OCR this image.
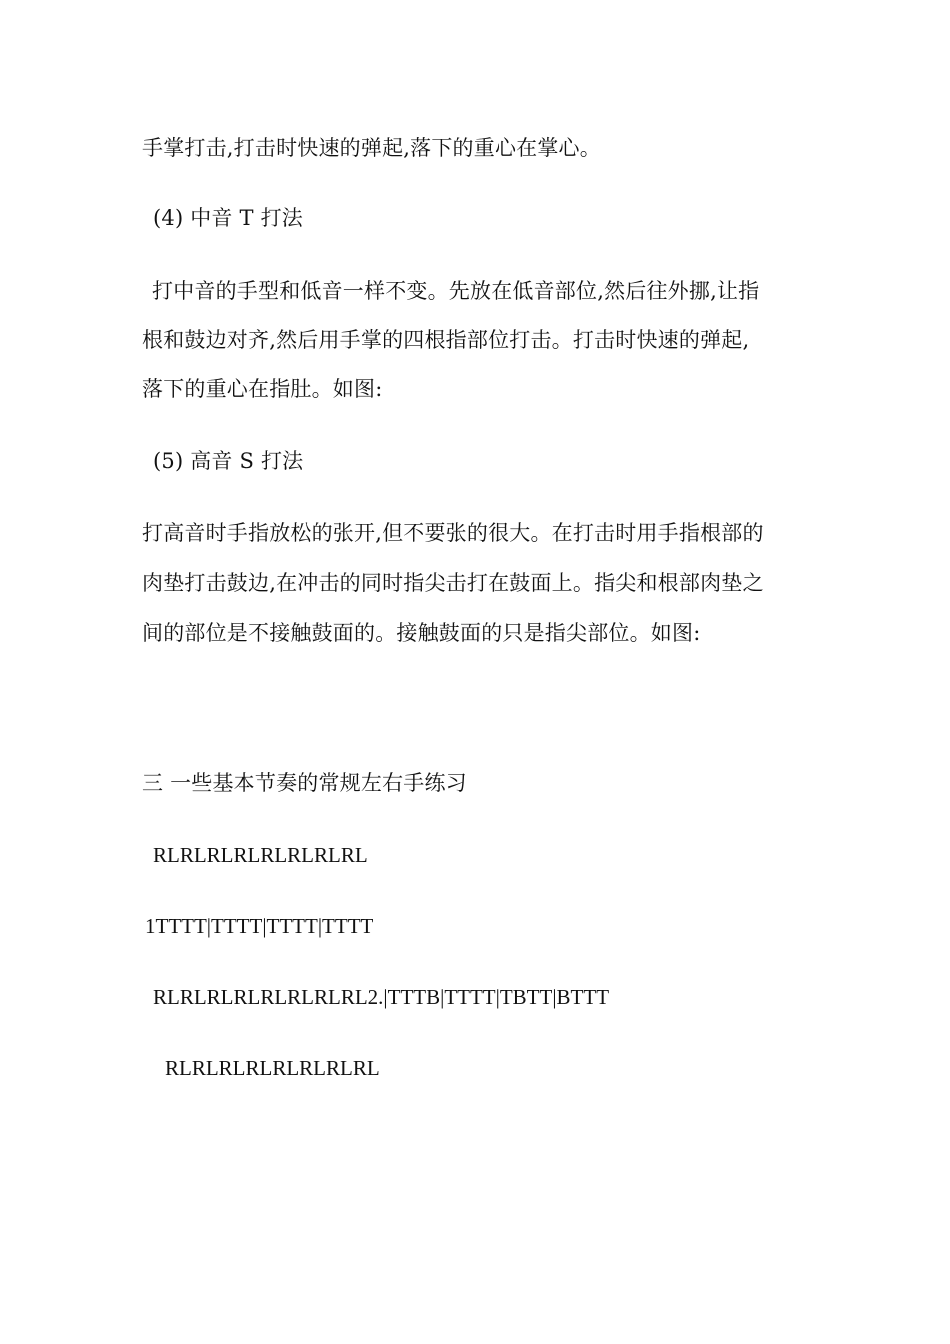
手掌打击,打击时快速的弹起,落下的重心在掌心。
(4) 中音 T 打法
打中音的手型和低音一样不变。先放在低音部位,然后往外挪,让指
根和鼓边对齐,然后用手掌的四根指部位打击。打击时快速的弹起,
落下的重心在指肚。如图:
(5) 高音 S 打法
打高音时手指放松的张开,但不要张的很大。在打击时用手指根部的
肉垫打击鼓边,在冲击的同时指尖击打在鼓面上。指尖和根部肉垫之
间的部位是不接触鼓面的。接触鼓面的只是指尖部位。如图:
三 一些基本节奏的常规左右手练习
RLRLRLRLRLRLRLRL
1TTTT|TTTT|TTTT|TTTT
RLRLRLRLRLRLRLRL2.|TTTB|TTTT|TBTT|BTTT
RLRLRLRLRLRLRLRL
